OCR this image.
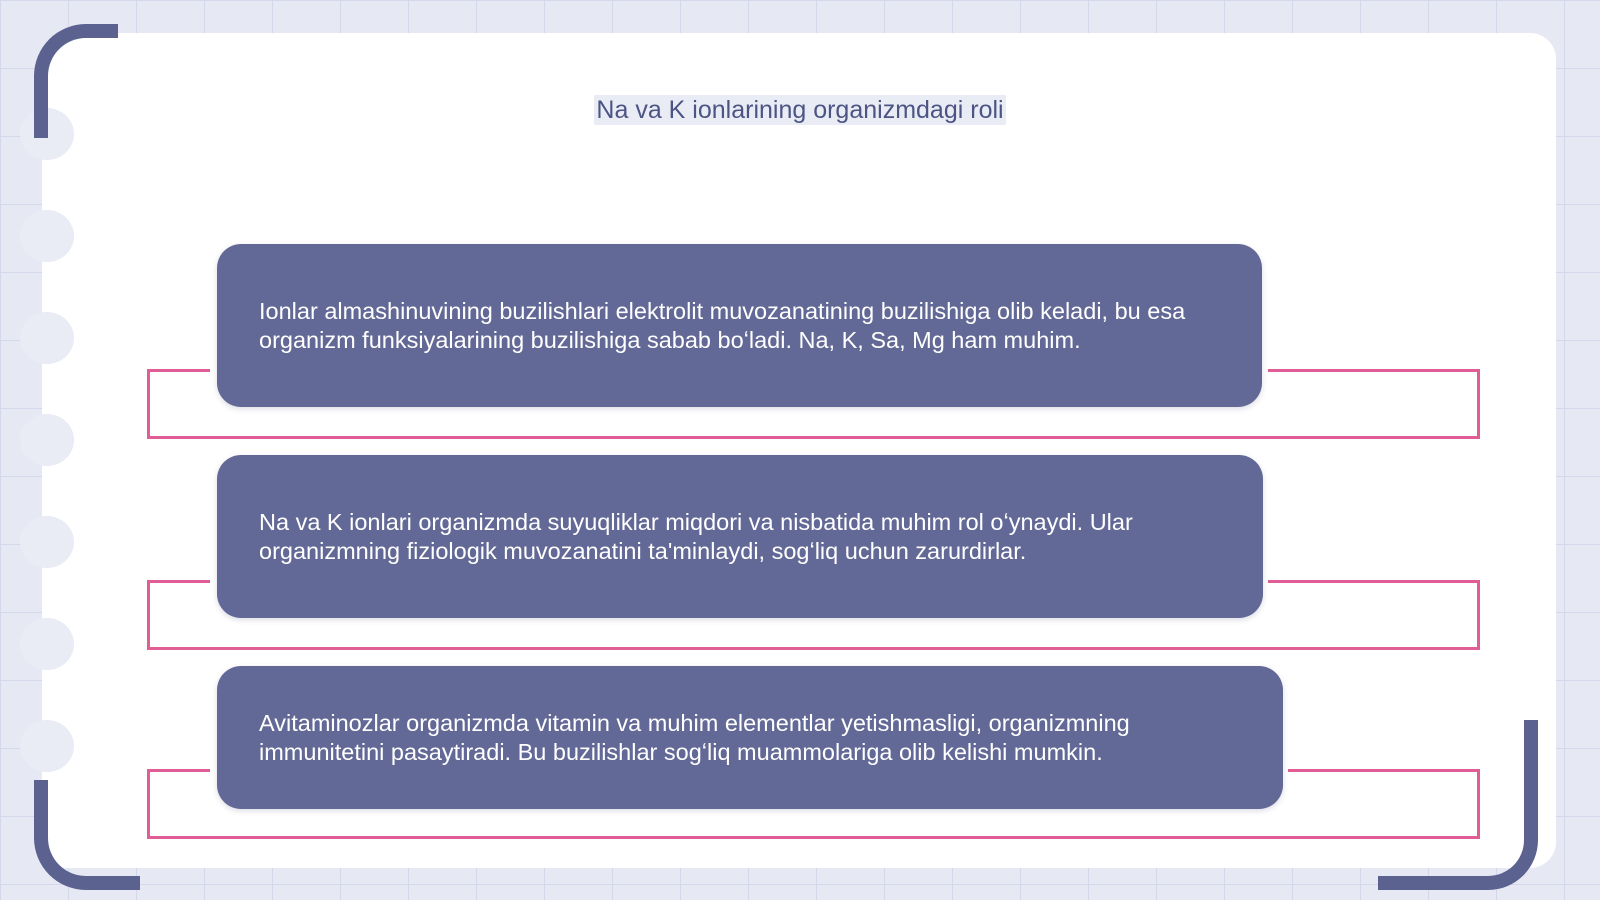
Na va K ionlarining organizmdagi roli

Ionlar almashinuvining buzilishlari elektrolit muvozanatining buzilishiga olib keladi, bu esa organizm funksiyalarining buzilishiga sabab boʻladi. Na, K, Sa, Mg ham muhim.

Na va K ionlari organizmda suyuqliklar miqdori va nisbatida muhim rol oʻynaydi. Ular organizmning fiziologik muvozanatini ta'minlaydi, sogʻliq uchun zarurdirlar.

Avitaminozlar organizmda vitamin va muhim elementlar yetishmasligi, organizmning immunitetini pasaytiradi. Bu buzilishlar sogʻliq muammolariga olib kelishi mumkin.
